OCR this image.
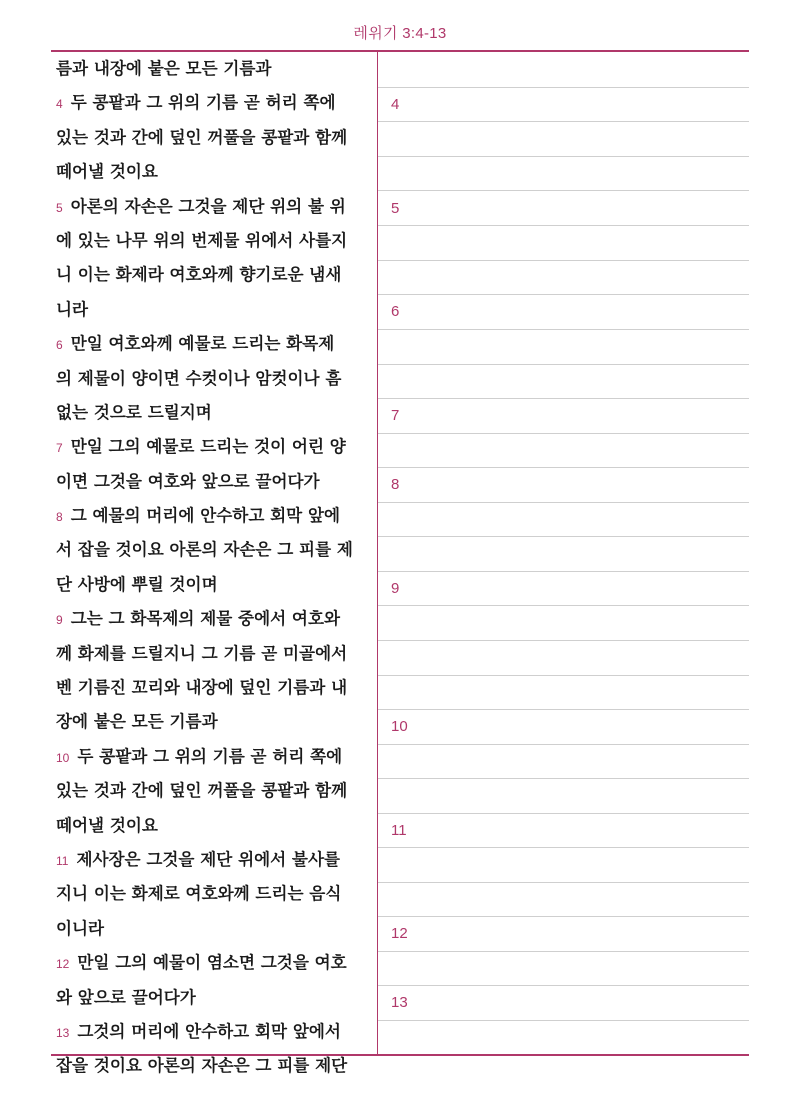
레위기 3:4-13
름과 내장에 붙은 모든 기름과
4 두 콩팥과 그 위의 기름 곧 허리 쪽에
있는 것과 간에 덮인 꺼풀을 콩팥과 함께
떼어낼 것이요
5 아론의 자손은 그것을 제단 위의 불 위
에 있는 나무 위의 번제물 위에서 사를지
니 이는 화제라 여호와께 향기로운 냄새
니라
6 만일 여호와께 예물로 드리는 화목제
의 제물이 양이면 수컷이나 암컷이나 흠
없는 것으로 드릴지며
7 만일 그의 예물로 드리는 것이 어린 양
이면 그것을 여호와 앞으로 끌어다가
8 그 예물의 머리에 안수하고 회막 앞에
서 잡을 것이요 아론의 자손은 그 피를 제
단 사방에 뿌릴 것이며
9 그는 그 화목제의 제물 중에서 여호와
께 화제를 드릴지니 그 기름 곧 미골에서
벤 기름진 꼬리와 내장에 덮인 기름과 내
장에 붙은 모든 기름과
10 두 콩팥과 그 위의 기름 곧 허리 쪽에
있는 것과 간에 덮인 꺼풀을 콩팥과 함께
떼어낼 것이요
11 제사장은 그것을 제단 위에서 불사를
지니 이는 화제로 여호와께 드리는 음식
이니라
12 만일 그의 예물이 염소면 그것을 여호
와 앞으로 끌어다가
13 그것의 머리에 안수하고 회막 앞에서
잡을 것이요 아론의 자손은 그 피를 제단
4
5
6
7
8
9
10
11
12
13
